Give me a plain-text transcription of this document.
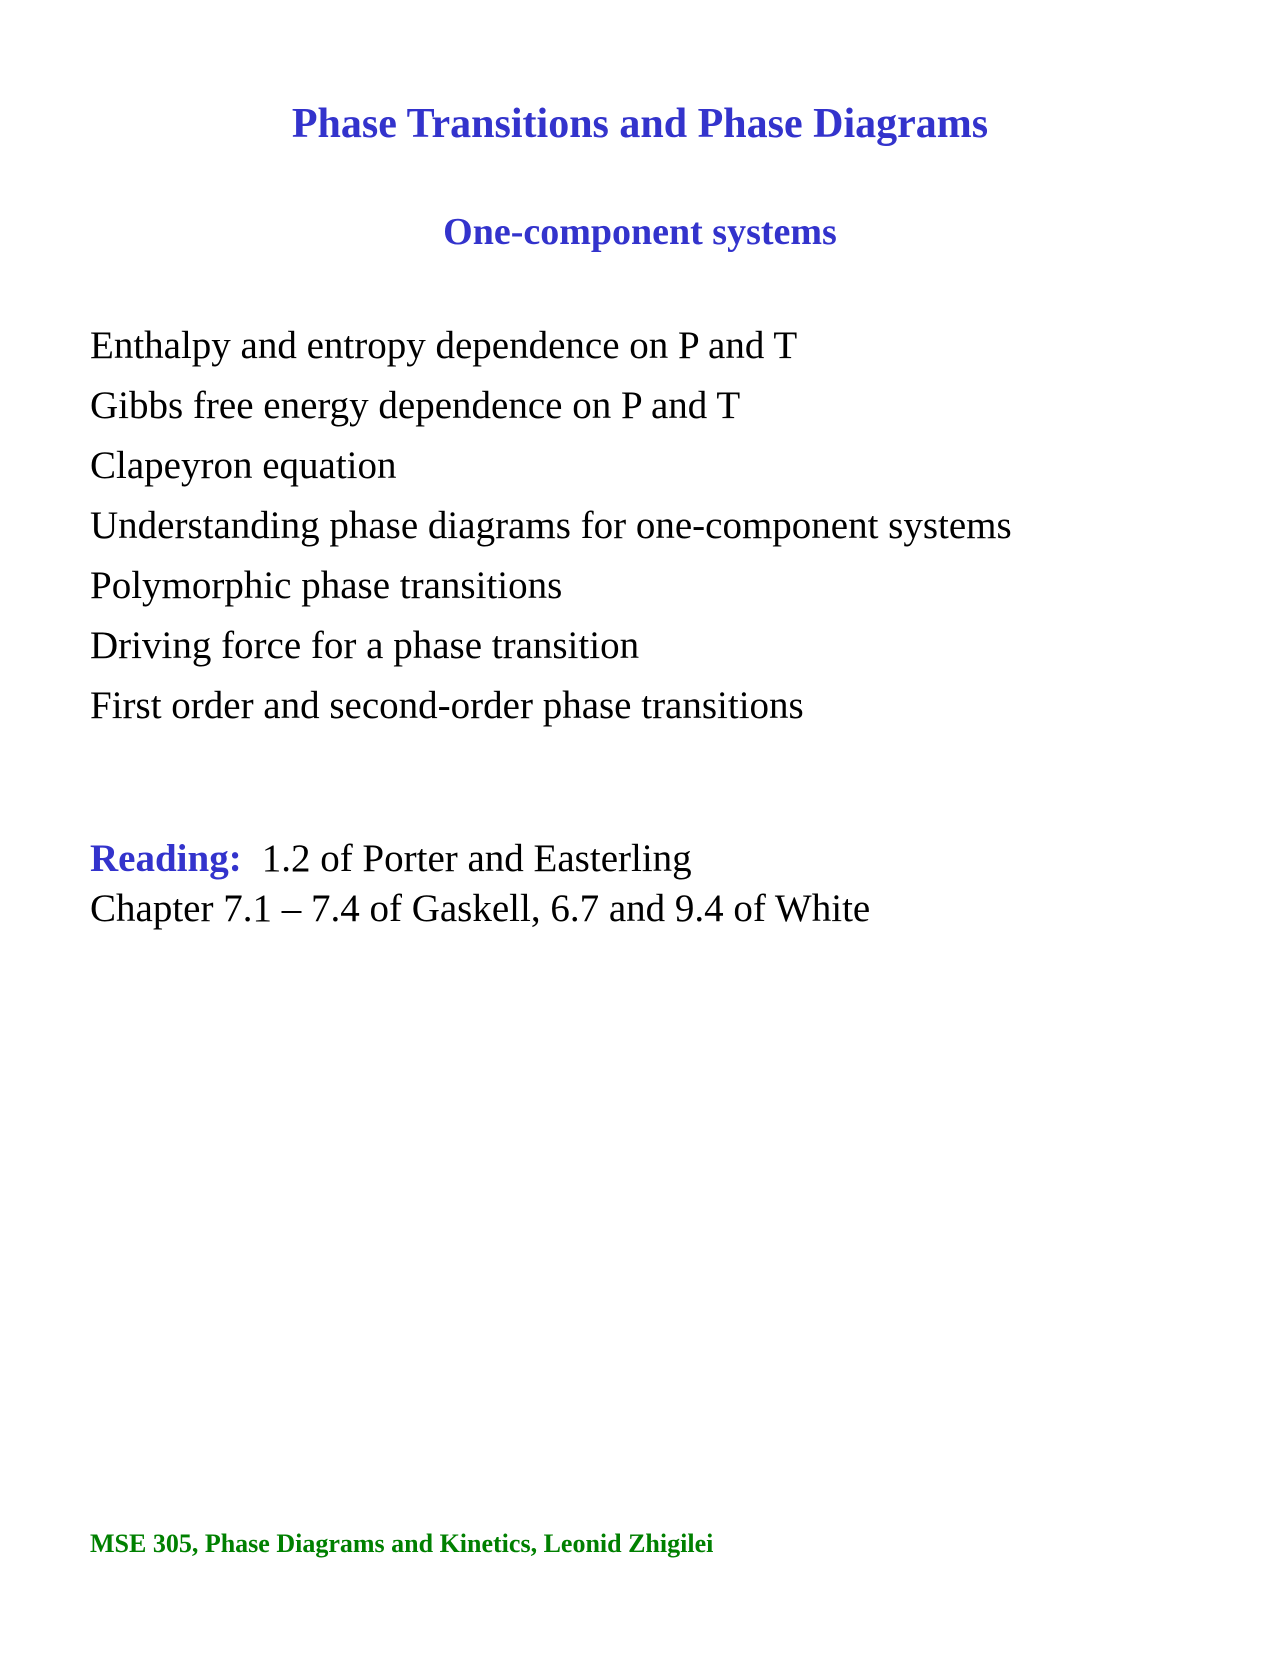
Phase Transitions and Phase Diagrams
One-component systems
Enthalpy and entropy dependence on P and T
Gibbs free energy dependence on P and T
Clapeyron equation
Understanding phase diagrams for one-component systems
Polymorphic phase transitions
Driving force for a phase transition
First order and second-order phase transitions
Reading: 1.2 of Porter and Easterling
Chapter 7.1 – 7.4 of Gaskell, 6.7 and 9.4 of White
MSE 305, Phase Diagrams and Kinetics, Leonid Zhigilei
